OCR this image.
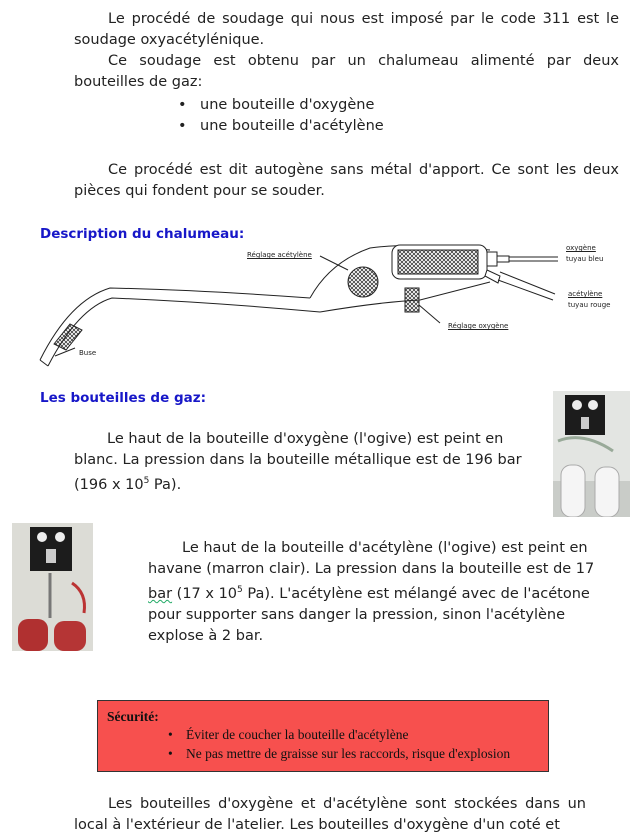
Le procédé de soudage qui nous est imposé par le code 311 est le soudage oxyacétylénique.
Ce soudage est obtenu par un chalumeau alimenté par deux bouteilles de gaz:
• une bouteille d'oxygène
• une bouteille d'acétylène
Ce procédé est dit autogène sans métal d'apport. Ce sont les deux pièces qui fondent pour se souder.
Description du chalumeau:
Réglage acétylène
oxygène
tuyau bleu
acétylène
tuyau rouge
Réglage oxygène
Buse
Les bouteilles de gaz:
Le haut de la bouteille d'oxygène (l'ogive) est peint en blanc. La pression dans la bouteille métallique est de 196 bar (196 x $10^5$ Pa).
Le haut de la bouteille d'acétylène (l'ogive) est peint en havane (marron clair). La pression dans la bouteille est de 17 bar (17 x $10^5$ Pa). L'acétylène est mélangé avec de l'acétone pour supporter sans danger la pression, sinon l'acétylène explose à 2 bar.
Sécurité:
• Éviter de coucher la bouteille d'acétylène
• Ne pas mettre de graisse sur les raccords, risque d'explosion
Les bouteilles d'oxygène et d'acétylène sont stockées dans un local à l'extérieur de l'atelier. Les bouteilles d'oxygène d'un coté et
